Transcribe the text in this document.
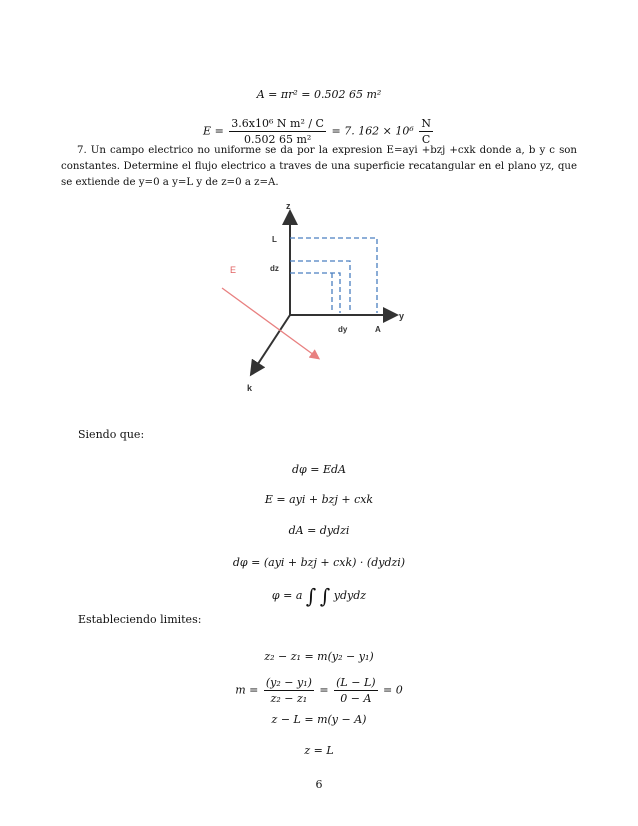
A = πr² = 0.502 65 m²
$E = \frac{\text{3.6x10⁶ N m² / C}}{\text{0.502 65 m²}} = 7$. $162 \times 10^6 \frac{N}{C}$
7. Un campo electrico no uniforme se da por la expresion E=ayi +bzj +cxk donde a, b y c son constantes. Determine el flujo electrico a traves de una superficie recatangular en el plano yz, que se extiende de y=0 a y=L y de z=0 a z=A.
z
y
k
E
L
dz
dy	A
Siendo que:
dφ = EdA
E = ayi + bzj + cxk
dA = dydzi
dφ = (ayi + bzj + cxk) · (dydzi)
φ = a ∫ ∫ ydydz
Estableciendo limites:
z₂ − z₁ = m(y₂ − y₁)
$m = \frac{\text{(y₂ − y₁)}}{\text{z₂ − z₁}} = \frac{(L - L)}{0 - A} = 0$
z − L = m(y − A)
z = L
6
